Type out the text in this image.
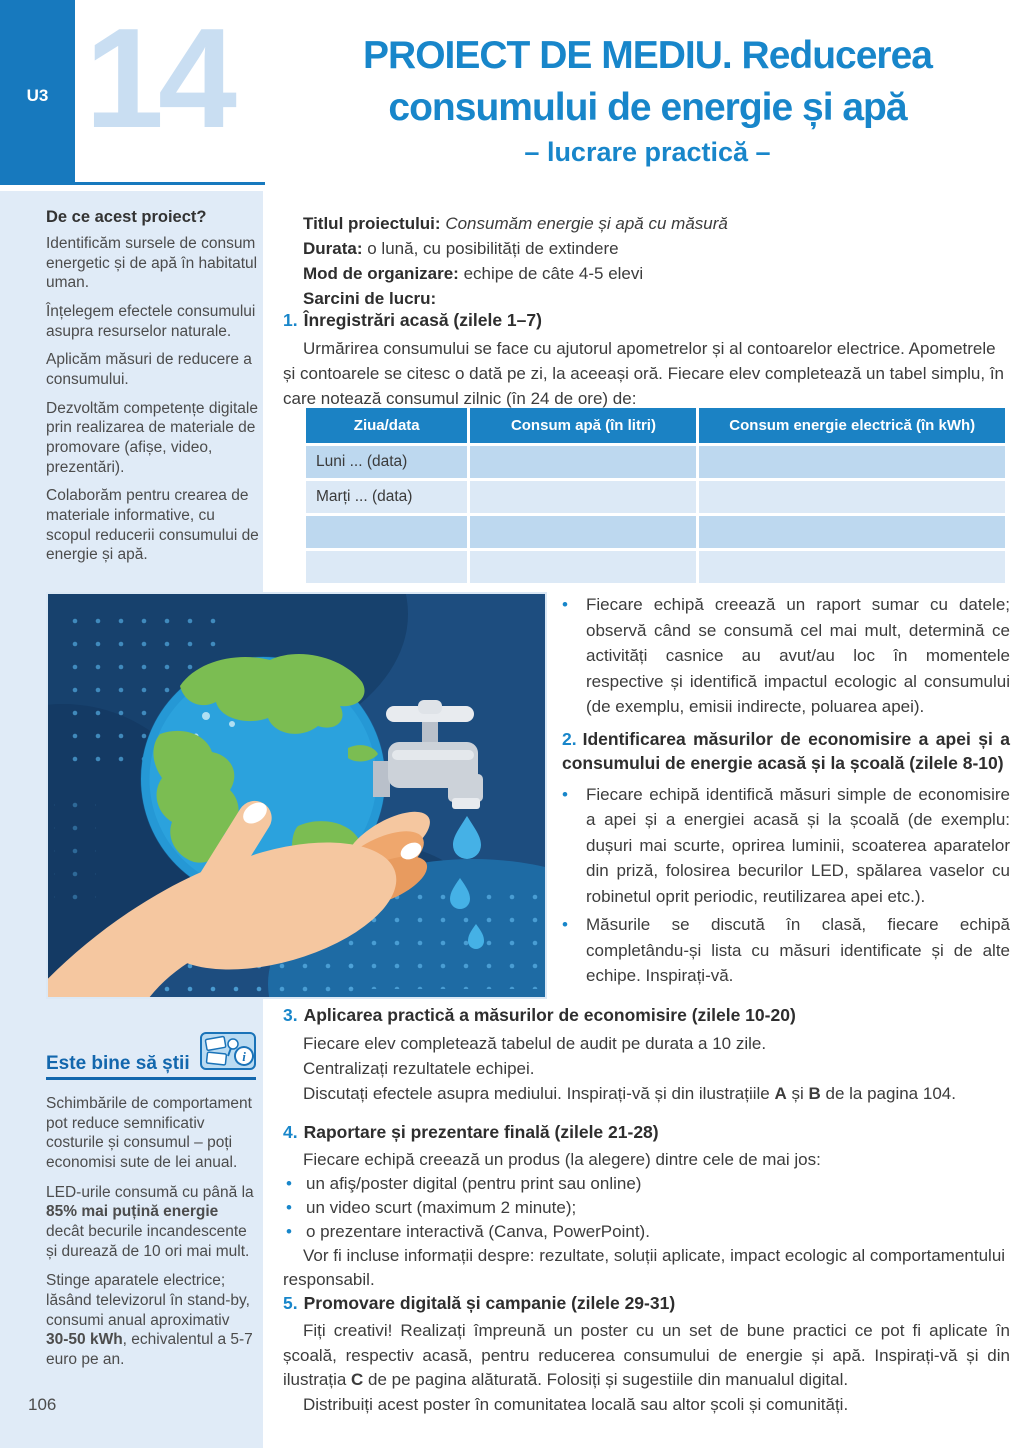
U3 14	PROIECT DE MEDIU. Reducerea
consumului de energie și apă
– lucrare practică –
De ce acest proiect?

Identificăm sursele de consum energetic și de apă în habitatul uman.

Înțelegem efectele consumului asupra resurselor naturale.

Aplicăm măsuri de reducere a consumului.

Dezvoltăm competențe digitale prin realizarea de materiale de promovare (afișe, video, prezentări).

Colaborăm pentru crearea de materiale informative, cu scopul reducerii consumului de energie și apă.

Titlul proiectului: Consumăm energie și apă cu măsură
Durata: o lună, cu posibilități de extindere
Mod de organizare: echipe de câte 4-5 elevi
Sarcini de lucru:
1. Înregistrări acasă (zilele 1–7)

Urmărirea consumului se face cu ajutorul apometrelor și al contoarelor electrice. Apometrele și contoarele se citesc o dată pe zi, la aceeași oră. Fiecare elev completează un tabel simplu, în care notează consumul zilnic (în 24 de ore) de:

Ziua/data	Consum apă (în litri)	Consum energie electrică (în kWh)
Luni ... (data)		
Marți ... (data)		

•	Fiecare echipă creează un raport sumar cu datele; observă când se consumă cel mai mult, determină ce activități casnice au avut/au loc în momentele respective și identifică impactul ecologic al consumului (de exemplu, emisii indirecte, poluarea apei).
2. Identificarea măsurilor de economisire a apei și a consumului de energie acasă și la școală (zilele 8-10)
•	Fiecare echipă identifică măsuri simple de economisire a apei și a energiei acasă și la școală (de exemplu: dușuri mai scurte, oprirea luminii, scoaterea aparatelor din priză, folosirea becurilor LED, spălarea vaselor cu robinetul oprit periodic, reutilizarea apei etc.).
•	Măsurile se discută în clasă, fiecare echipă completându-și lista cu măsuri identificate și de alte echipe. Inspirați-vă.
3. Aplicarea practică a măsurilor de economisire (zilele 10-20)

Fiecare elev completează tabelul de audit pe durata a 10 zile.

Centralizați rezultatele echipei.

Discutați efectele asupra mediului. Inspirați-vă și din ilustrațiile A și B de la pagina 104.

4. Raportare și prezentare finală (zilele 21-28)

Fiecare echipă creează un produs (la alegere) dintre cele de mai jos:

• un afiş/poster digital (pentru print sau online)
• un video scurt (maximum 2 minute);
• o prezentare interactivă (Canva, PowerPoint).

Vor fi incluse informații despre: rezultate, soluții aplicate, impact ecologic al comportamentului responsabil.

5. Promovare digitală și campanie (zilele 29-31)

Fiți creativi! Realizați împreună un poster cu un set de bune practici ce pot fi aplicate în școală, respectiv acasă, pentru reducerea consumului de energie și apă. Inspirați-vă și din ilustrația C de pe pagina alăturată. Folosiți și sugestiile din manualul digital.

Distribuiți acest poster în comunitatea locală sau altor școli și comunități.

Este bine să știi	i

Schimbările de comportament pot reduce semnificativ costurile și consumul – poți economisi sute de lei anual.

LED-urile consumă cu până la 85% mai puțină energie decât becurile incandescente și durează de 10 ori mai mult.

Stinge aparatele electrice; lăsând televizorul în stand-by, consumi anual aproximativ 30-50 kWh, echivalentul a 5-7 euro pe an.

106
